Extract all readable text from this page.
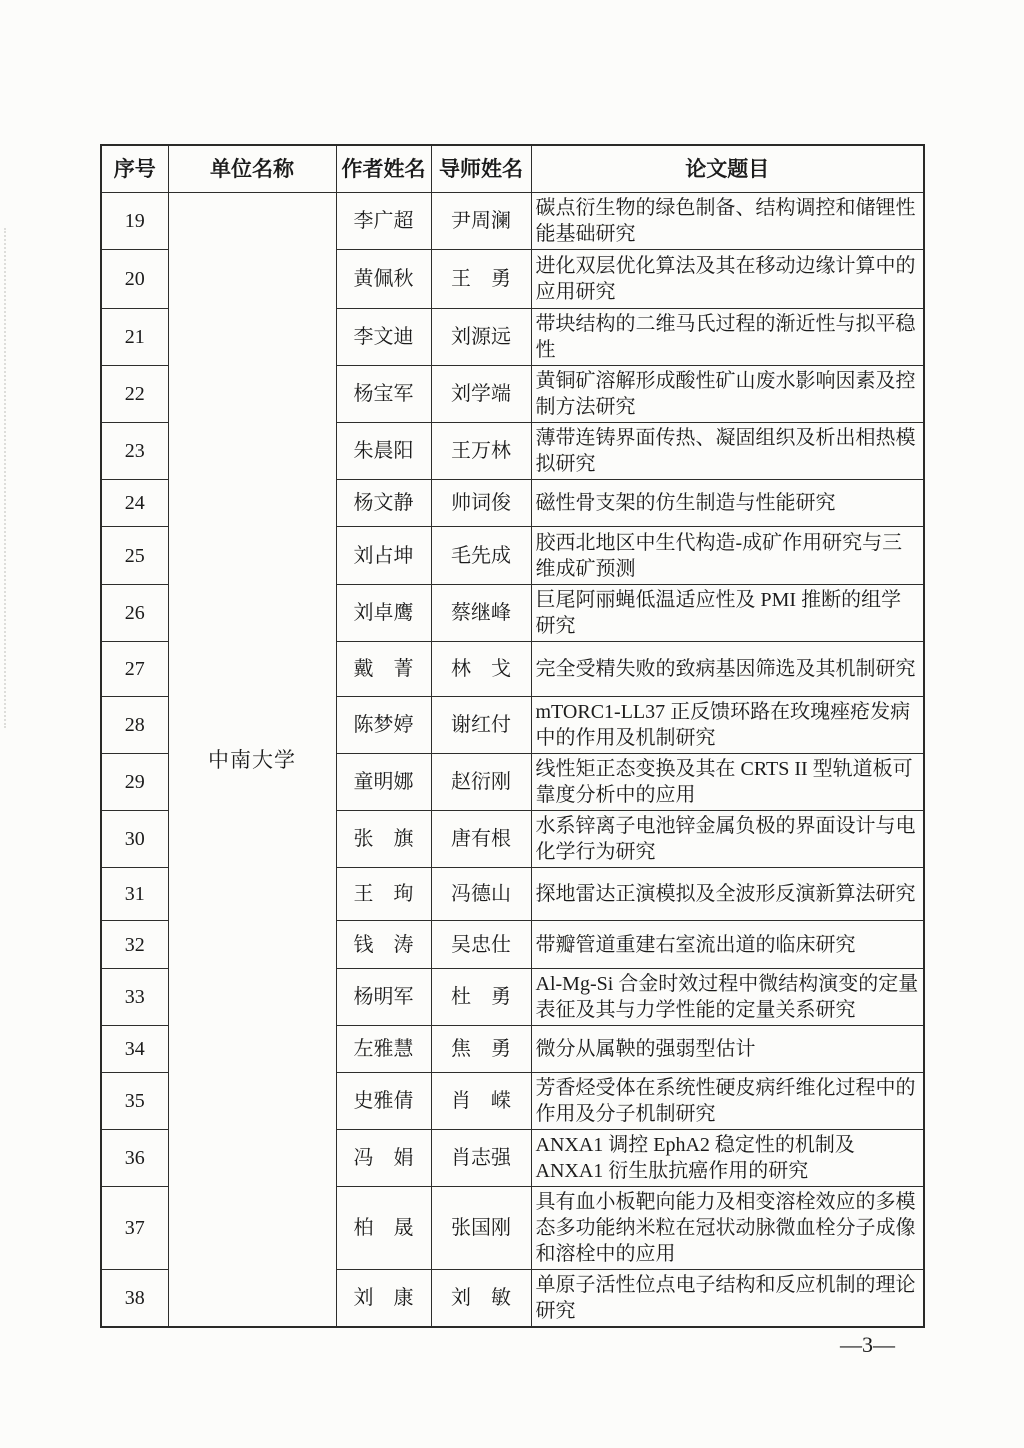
序号	单位名称	作者姓名	导师姓名	论文题目
19	中南大学	李广超	尹周澜	碳点衍生物的绿色制备、结构调控和储锂性能基础研究
20		黄佩秋	王　勇	进化双层优化算法及其在移动边缘计算中的应用研究
21		李文迪	刘源远	带块结构的二维马氏过程的渐近性与拟平稳性
22		杨宝军	刘学端	黄铜矿溶解形成酸性矿山废水影响因素及控制方法研究
23		朱晨阳	王万林	薄带连铸界面传热、凝固组织及析出相热模拟研究
24		杨文静	帅词俊	磁性骨支架的仿生制造与性能研究
25		刘占坤	毛先成	胶西北地区中生代构造-成矿作用研究与三维成矿预测
26		刘卓鹰	蔡继峰	巨尾阿丽蝇低温适应性及 PMI 推断的组学研究
27		戴　菁	林　戈	完全受精失败的致病基因筛选及其机制研究
28		陈梦婷	谢红付	mTORC1-LL37 正反馈环路在玫瑰痤疮发病中的作用及机制研究
29		童明娜	赵衍刚	线性矩正态变换及其在 CRTS II 型轨道板可靠度分析中的应用
30		张　旗	唐有根	水系锌离子电池锌金属负极的界面设计与电化学行为研究
31		王　珣	冯德山	探地雷达正演模拟及全波形反演新算法研究
32		钱　涛	吴忠仕	带瓣管道重建右室流出道的临床研究
33		杨明军	杜　勇	Al-Mg-Si 合金时效过程中微结构演变的定量表征及其与力学性能的定量关系研究
34		左雅慧	焦　勇	微分从属鞅的强弱型估计
35		史雅倩	肖　嵘	芳香烃受体在系统性硬皮病纤维化过程中的作用及分子机制研究
36		冯　娟	肖志强	ANXA1 调控 EphA2 稳定性的机制及 ANXA1 衍生肽抗癌作用的研究
37		柏　晟	张国刚	具有血小板靶向能力及相变溶栓效应的多模态多功能纳米粒在冠状动脉微血栓分子成像和溶栓中的应用
38		刘　康	刘　敏	单原子活性位点电子结构和反应机制的理论研究
—3—
